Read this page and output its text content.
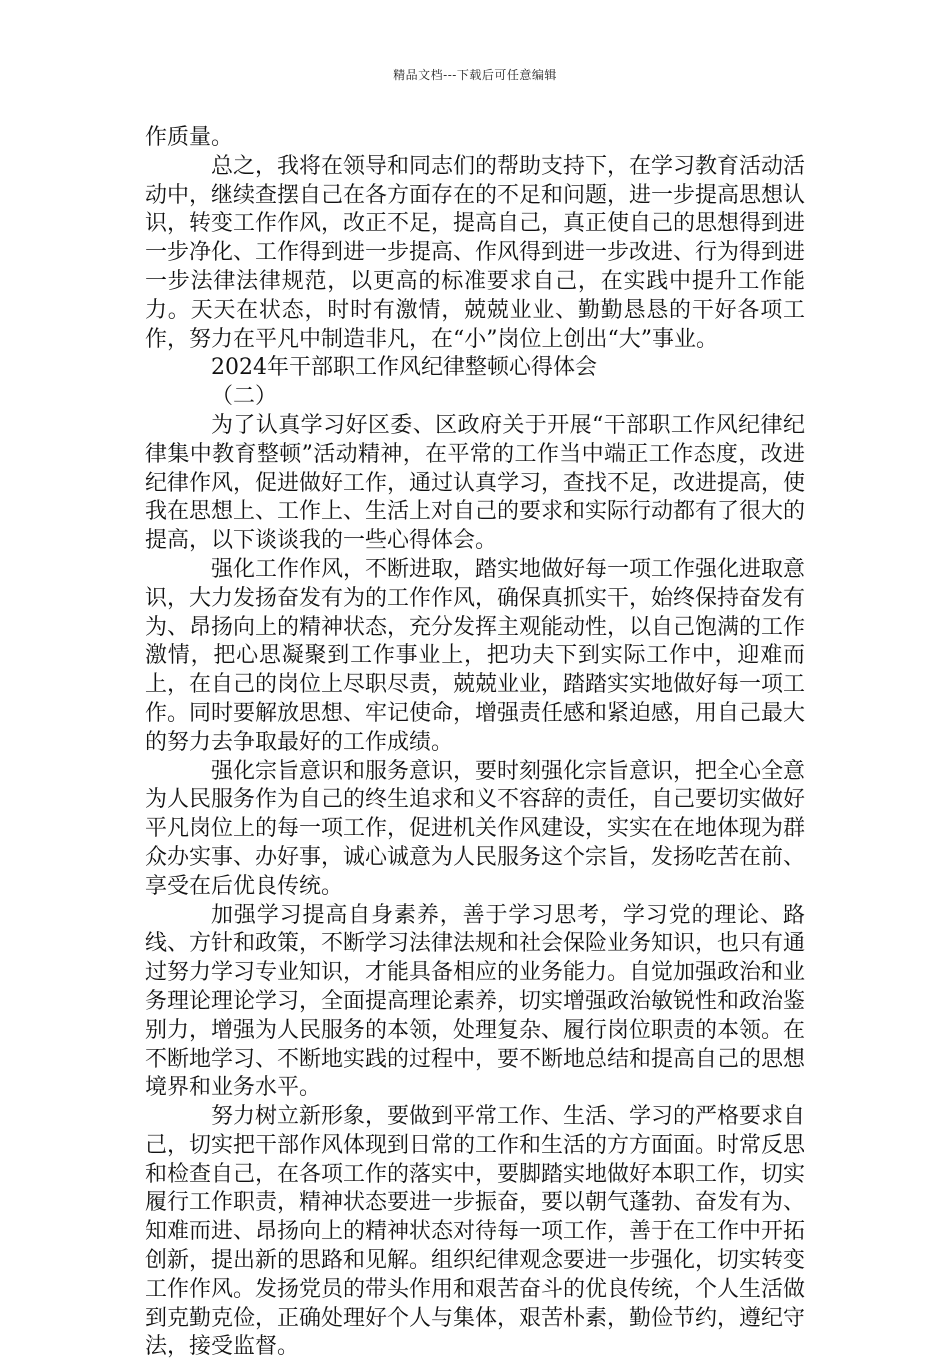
精品文档---下载后可任意编辑

作质量。

总之，我将在领导和同志们的帮助支持下，在学习教育活动活动中，继续查摆自己在各方面存在的不足和问题，进一步提高思想认识，转变工作作风，改正不足，提高自己，真正使自己的思想得到进一步净化、工作得到进一步提高、作风得到进一步改进、行为得到进一步法律法律规范，以更高的标准要求自己，在实践中提升工作能力。天天在状态，时时有激情，兢兢业业、勤勤恳恳的干好各项工作，努力在平凡中制造非凡，在“小”岗位上创出“大”事业。

2024年干部职工作风纪律整顿心得体会

（二）

为了认真学习好区委、区政府关于开展“干部职工作风纪律纪律集中教育整顿”活动精神，在平常的工作当中端正工作态度，改进纪律作风，促进做好工作，通过认真学习，查找不足，改进提高，使我在思想上、工作上、生活上对自己的要求和实际行动都有了很大的提高，以下谈谈我的一些心得体会。

强化工作作风，不断进取，踏实地做好每一项工作强化进取意识，大力发扬奋发有为的工作作风，确保真抓实干，始终保持奋发有为、昂扬向上的精神状态，充分发挥主观能动性，以自己饱满的工作激情，把心思凝聚到工作事业上，把功夫下到实际工作中，迎难而上，在自己的岗位上尽职尽责，兢兢业业，踏踏实实地做好每一项工作。同时要解放思想、牢记使命，增强责任感和紧迫感，用自己最大的努力去争取最好的工作成绩。

强化宗旨意识和服务意识，要时刻强化宗旨意识，把全心全意为人民服务作为自己的终生追求和义不容辞的责任，自己要切实做好平凡岗位上的每一项工作，促进机关作风建设，实实在在地体现为群众办实事、办好事，诚心诚意为人民服务这个宗旨，发扬吃苦在前、享受在后优良传统。

加强学习提高自身素养，善于学习思考，学习党的理论、路线、方针和政策，不断学习法律法规和社会保险业务知识，也只有通过努力学习专业知识，才能具备相应的业务能力。自觉加强政治和业务理论理论学习，全面提高理论素养，切实增强政治敏锐性和政治鉴别力，增强为人民服务的本领，处理复杂、履行岗位职责的本领。在不断地学习、不断地实践的过程中，要不断地总结和提高自己的思想境界和业务水平。

努力树立新形象，要做到平常工作、生活、学习的严格要求自己，切实把干部作风体现到日常的工作和生活的方方面面。时常反思和检查自己，在各项工作的落实中，要脚踏实地做好本职工作，切实履行工作职责，精神状态要进一步振奋，要以朝气蓬勃、奋发有为、知难而进、昂扬向上的精神状态对待每一项工作，善于在工作中开拓创新，提出新的思路和见解。组织纪律观念要进一步强化，切实转变工作作风。发扬党员的带头作用和艰苦奋斗的优良传统，个人生活做到克勤克俭，正确处理好个人与集体，艰苦朴素，勤俭节约，遵纪守法，接受监督。
